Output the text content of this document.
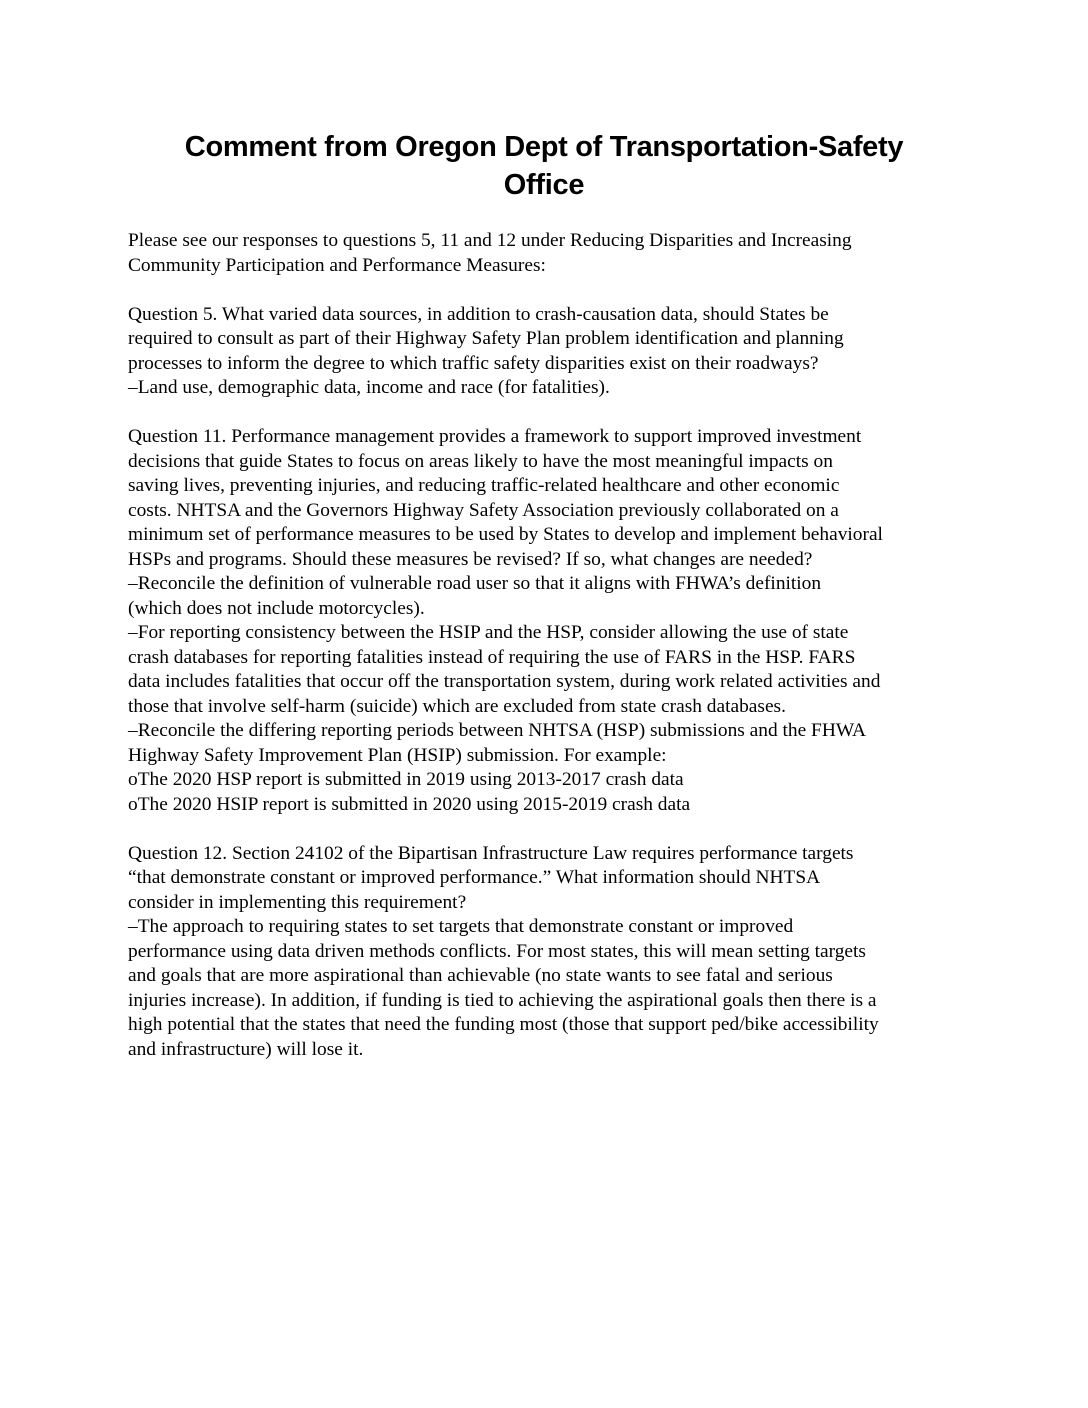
Comment from Oregon Dept of Transportation-Safety
Office

Please see our responses to questions 5, 11 and 12 under Reducing Disparities and Increasing
Community Participation and Performance Measures:

Question 5. What varied data sources, in addition to crash-causation data, should States be
required to consult as part of their Highway Safety Plan problem identification and planning
processes to inform the degree to which traffic safety disparities exist on their roadways?
–Land use, demographic data, income and race (for fatalities).

Question 11. Performance management provides a framework to support improved investment
decisions that guide States to focus on areas likely to have the most meaningful impacts on
saving lives, preventing injuries, and reducing traffic-related healthcare and other economic
costs. NHTSA and the Governors Highway Safety Association previously collaborated on a
minimum set of performance measures to be used by States to develop and implement behavioral
HSPs and programs. Should these measures be revised? If so, what changes are needed?
–Reconcile the definition of vulnerable road user so that it aligns with FHWA’s definition
(which does not include motorcycles).
–For reporting consistency between the HSIP and the HSP, consider allowing the use of state
crash databases for reporting fatalities instead of requiring the use of FARS in the HSP. FARS
data includes fatalities that occur off the transportation system, during work related activities and
those that involve self-harm (suicide) which are excluded from state crash databases.
–Reconcile the differing reporting periods between NHTSA (HSP) submissions and the FHWA
Highway Safety Improvement Plan (HSIP) submission. For example:
oThe 2020 HSP report is submitted in 2019 using 2013-2017 crash data
oThe 2020 HSIP report is submitted in 2020 using 2015-2019 crash data

Question 12. Section 24102 of the Bipartisan Infrastructure Law requires performance targets
“that demonstrate constant or improved performance.” What information should NHTSA
consider in implementing this requirement?
–The approach to requiring states to set targets that demonstrate constant or improved
performance using data driven methods conflicts. For most states, this will mean setting targets
and goals that are more aspirational than achievable (no state wants to see fatal and serious
injuries increase). In addition, if funding is tied to achieving the aspirational goals then there is a
high potential that the states that need the funding most (those that support ped/bike accessibility
and infrastructure) will lose it.
